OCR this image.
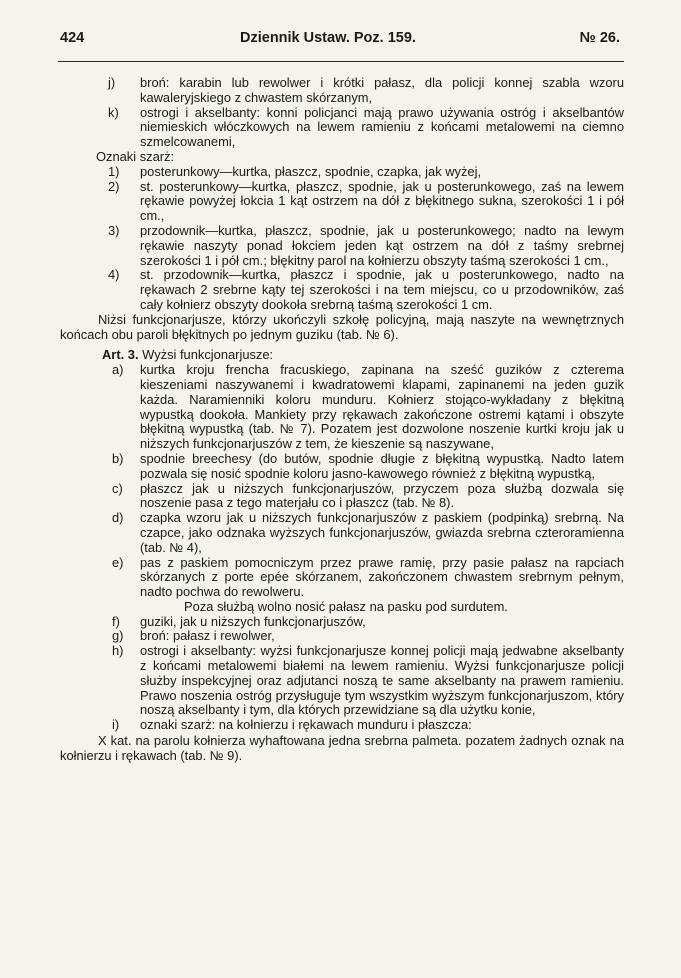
424	Dziennik Ustaw. Poz. 159.	№ 26.
j) broń: karabin lub rewolwer i krótki pałasz, dla policji konnej szabla wzoru kawaleryjskiego z chwastem skórzanym,
k) ostrogi i akselbanty: konni policjanci mają prawo używania ostróg i akselbantów niemieskich włóczkowych na lewem ramieniu z końcami metalowemi na ciemno szmelcowanemi,
Oznaki szarż:
1) posterunkowy—kurtka, płaszcz, spodnie, czapka, jak wyżej,
2) st. posterunkowy—kurtka, płaszcz, spodnie, jak u posterunkowego, zaś na lewem rękawie powyżej łokcia 1 kąt ostrzem na dół z błękitnego sukna, szerokości 1 i pół cm.,
3) przodownik—kurtka, płaszcz, spodnie, jak u posterunkowego; nadto na lewym rękawie naszyty ponad łokciem jeden kąt ostrzem na dół z taśmy srebrnej szerokości 1 i pół cm.; błękitny parol na kołnierzu obszyty taśmą szerokości 1 cm.,
4) st. przodownik—kurtka, płaszcz i spodnie, jak u posterunkowego, nadto na rękawach 2 srebrne kąty tej szerokości i na tem miejscu, co u przodowników, zaś cały kołnierz obszyty dookoła srebrną taśmą szerokości 1 cm.
Niżsi funkcjonarjusze, którzy ukończyli szkołę policyjną, mają naszyte na wewnętrznych końcach obu paroli błękitnych po jednym guziku (tab. № 6).
Art. 3. Wyżsi funkcjonarjusze:
a) kurtka kroju frencha fracuskiego, zapinana na sześć guzików z czterema kieszeniami naszywanemi i kwadratowemi klapami, zapinanemi na jeden guzik każda. Naramienniki koloru munduru. Kołnierz stojąco-wykładany z błękitną wypustką dookoła. Mankiety przy rękawach zakończone ostremi kątami i obszyte błękitną wypustką (tab. № 7). Pozatem jest dozwolone noszenie kurtki kroju jak u niższych funkcjonarjuszów z tem, że kieszenie są naszywane,
b) spodnie breechesy (do butów, spodnie długie z błękitną wypustką. Nadto latem pozwala się nosić spodnie koloru jasno-kawowego również z błękitną wypustką,
c) płaszcz jak u niższych funkcjonarjuszów, przyczem poza służbą dozwala się noszenie pasa z tego materjału co i płaszcz (tab. № 8).
d) czapka wzoru jak u niższych funkcjonarjuszów z paskiem (podpinką) srebrną. Na czapce, jako odznaka wyższych funkcjonarjuszów, gwiazda srebrna czteroramienna (tab. № 4),
e) pas z paskiem pomocniczym przez prawe ramię, przy pasie pałasz na rapciach skórzanych z porte epée skórzanem, zakończonem chwastem srebrnym pełnym, nadto pochwa do rewolweru.
Poza służbą wolno nosić pałasz na pasku pod surdutem.
f) guziki, jak u niższych funkcjonarjuszów,
g) broń: pałasz i rewolwer,
h) ostrogi i akselbanty: wyżsi funkcjonarjusze konnej policji mają jedwabne akselbanty z końcami metalowemi białemi na lewem ramieniu. Wyżsi funkcjonarjusze policji służby inspekcyjnej oraz adjutanci noszą te same akselbanty na prawem ramieniu. Prawo noszenia ostróg przysługuje tym wszystkim wyższym funkcjonarjuszom, który noszą akselbanty i tym, dla których przewidziane są dla użytku konie,
i) oznaki szarż: na kołnierzu i rękawach munduru i płaszcza:
X kat. na parolu kołnierza wyhaftowana jedna srebrna palmeta. pozatem żadnych oznak na kołnierzu i rękawach (tab. № 9).
